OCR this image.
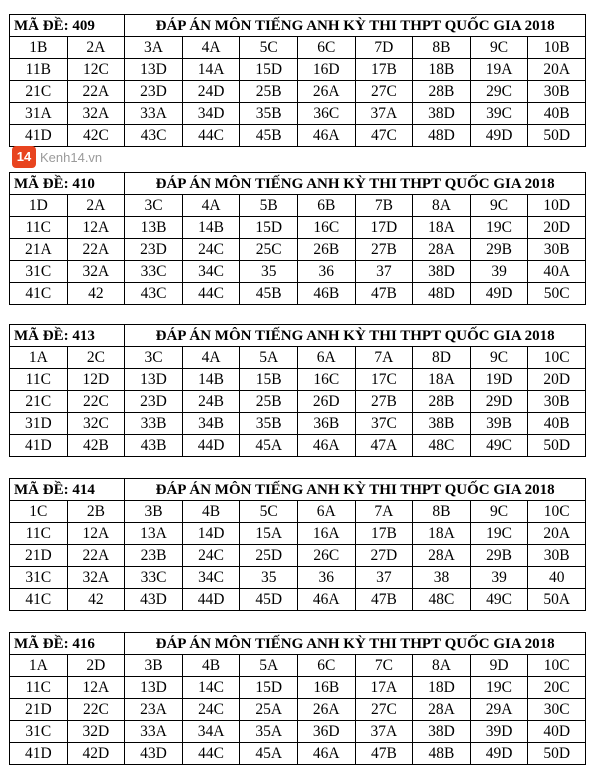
MÃ ĐỀ: 409		ĐÁP ÁN MÔN TIẾNG ANH KỲ THI THPT QUỐC GIA 2018							
1B	2A	3A	4A	5C	6C	7D	8B	9C	10B
11B	12C	13D	14A	15D	16D	17B	18B	19A	20A
21C	22A	23D	24D	25B	26A	27C	28B	29C	30B
31A	32A	33A	34D	35B	36C	37A	38D	39C	40B
41D	42C	43C	44C	45B	46A	47C	48D	49D	50D
MÃ ĐỀ: 410		ĐÁP ÁN MÔN TIẾNG ANH KỲ THI THPT QUỐC GIA 2018							
1D	2A	3C	4A	5B	6B	7B	8A	9C	10D
11C	12A	13B	14B	15D	16C	17D	18A	19C	20D
21A	22A	23D	24C	25C	26B	27B	28A	29B	30B
31C	32A	33C	34C	35	36	37	38D	39	40A
41C	42	43C	44C	45B	46B	47B	48D	49D	50C
MÃ ĐỀ: 413		ĐÁP ÁN MÔN TIẾNG ANH KỲ THI THPT QUỐC GIA 2018							
1A	2C	3C	4A	5A	6A	7A	8D	9C	10C
11C	12D	13D	14B	15B	16C	17C	18A	19D	20D
21C	22C	23D	24B	25B	26D	27B	28B	29D	30B
31D	32C	33B	34B	35B	36B	37C	38B	39B	40B
41D	42B	43B	44D	45A	46A	47A	48C	49C	50D
MÃ ĐỀ: 414		ĐÁP ÁN MÔN TIẾNG ANH KỲ THI THPT QUỐC GIA 2018							
1C	2B	3B	4B	5C	6A	7A	8B	9C	10C
11C	12A	13A	14D	15A	16A	17B	18A	19C	20A
21D	22A	23B	24C	25D	26C	27D	28A	29B	30B
31C	32A	33C	34C	35	36	37	38	39	40
41C	42	43D	44D	45D	46A	47B	48C	49C	50A
MÃ ĐỀ: 416		ĐÁP ÁN MÔN TIẾNG ANH KỲ THI THPT QUỐC GIA 2018							
1A	2D	3B	4B	5A	6C	7C	8A	9D	10C
11C	12A	13D	14C	15D	16B	17A	18D	19C	20C
21D	22C	23A	24C	25A	26A	27C	28A	29A	30C
31C	32D	33A	34A	35A	36D	37A	38D	39D	40D
41D	42D	43D	44C	45A	46A	47B	48B	49D	50D
14 Kenh14.vn
